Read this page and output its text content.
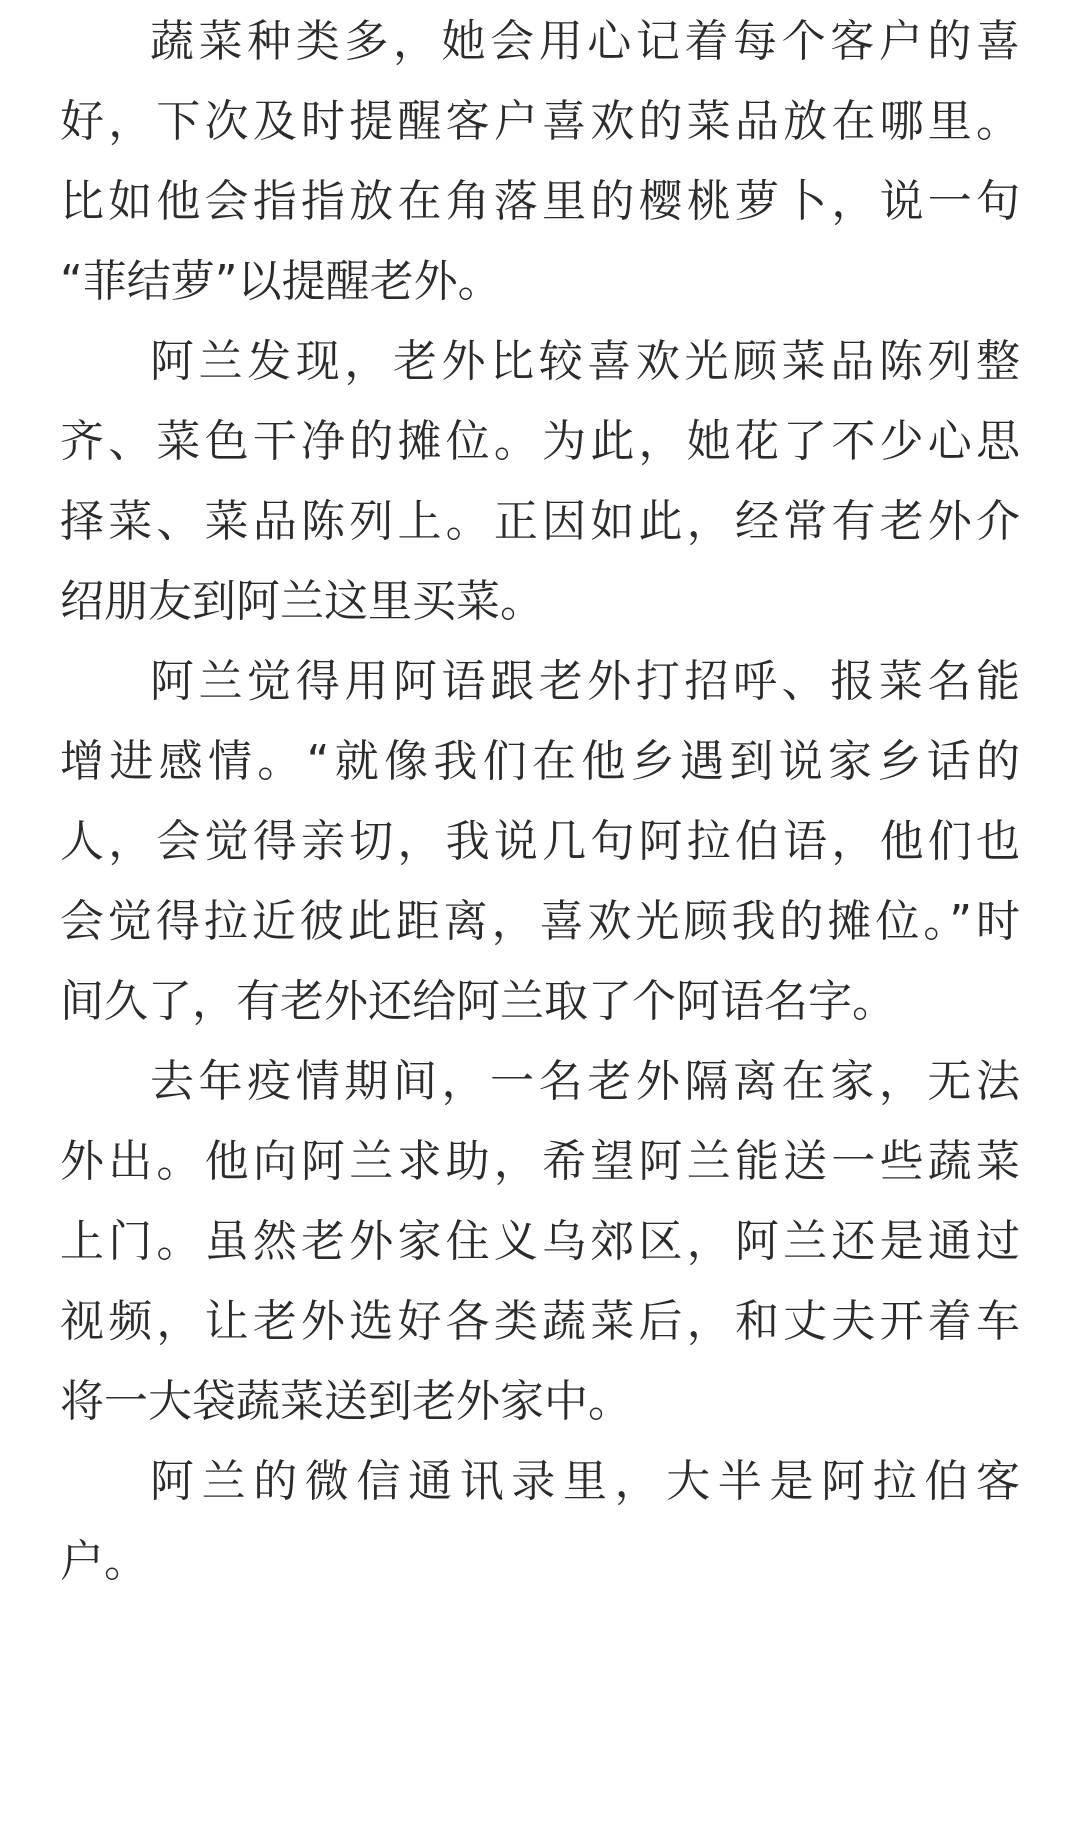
蔬菜种类多，她会用心记着每个客户的喜
好，下次及时提醒客户喜欢的菜品放在哪里。
比如他会指指放在角落里的樱桃萝卜，说一句
“菲结萝”以提醒老外。
阿兰发现，老外比较喜欢光顾菜品陈列整
齐、菜色干净的摊位。为此，她花了不少心思
择菜、菜品陈列上。正因如此，经常有老外介
绍朋友到阿兰这里买菜。
阿兰觉得用阿语跟老外打招呼、报菜名能
增进感情。“就像我们在他乡遇到说家乡话的
人，会觉得亲切，我说几句阿拉伯语，他们也
会觉得拉近彼此距离，喜欢光顾我的摊位。”时
间久了，有老外还给阿兰取了个阿语名字。
去年疫情期间，一名老外隔离在家，无法
外出。他向阿兰求助，希望阿兰能送一些蔬菜
上门。虽然老外家住义乌郊区，阿兰还是通过
视频，让老外选好各类蔬菜后，和丈夫开着车
将一大袋蔬菜送到老外家中。
阿兰的微信通讯录里，大半是阿拉伯客
户。
